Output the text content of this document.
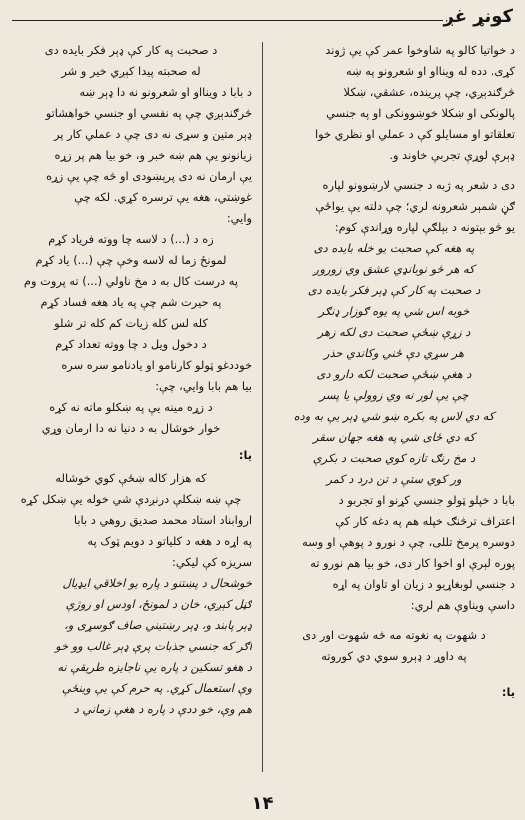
کونړ غږ
د خواتیا کالو په شاوخوا عمر کې یې ژوند
کړی. دده له وینااو او شعرونو په ښه
څرګندېږي، چې پرینده، عشقي، ښکلا
پالونکی او ښکلا خوښوونکی او په جنسي
تعلقاتو او مسایلو کې د عملي او نظري خوا
ډېرې لوړې تجربې خاوند و.
دی د شعر په ژبه د جنسي لارښوونو لپاره
ګڼ شمېر شعرونه لري؛ چې دلته یې یواځې
یو څو بېتونه د بېلګې لپاره وړاندې کوم:
په هغه کې صحبت یو خله بایده دی
که هر څو نوبانډي عشق وي زوروږ
د صحبت په کار کې ډېر فکر بایده دی
خوبه اس شي په یوه ګوزار ډنګر
د زړې ښځې صحبت دی لکه زهر
هر سړي دې ځني وکاندي حذر
د هغې ښځې صحبت لکه دارو دی
چې یې لور نه وي زوولې یا پسر
که دي لاس په بکره ښو شي ډېر یې به وده
که دي ځای شي په هغه جهان سقر
د مخ رنګ تازه کوي صحبت د بکرې
ور کوي ستې د تن درد د کمر
بابا د خپلو ټولو جنسي کړنو او تجربو د
اعتراف ترڅنګ خپله هم په دغه کار کې
دوسره پرمخ تللی، چې د نورو د پوهې او وسه
پوره لېرې او اخوا کار دی، خو بیا هم نورو ته
د جنسي لوبغاړیو د زیان او تاوان په اړه
داسې ویناوې هم لري:
د شهوت په نغوته مه څه شهوت اور دی
په داوړ د ډېرو سوي دي کوروته
یا:
د صحبت په کار کې ډېر فکر بایده دی
له صحبته پیدا کېږي خیر و شر
د بابا د وینااو او شعرونو نه دا ډېر ښه
څرګندېږي چې په نفسي او جنسي خواهشاتو
ډېر متین و سړی نه دی چې د عملي کار پر
زیانونو یې هم ښه خبر و، خو بیا هم پر زړه
یې ارمان نه دی پرېښودی او څه چې یې زړه
غوښتي، هغه یې ترسره کړي. لکه چې
وایي:
زه د (...) د لاسه چا ووته فریاد کړم
لمونځ زما له لاسه وخې چې (...) یاد کړم
په درست کال به د مخ ناولي (...) ته پروت وم
په حیرت شم چې په یاد هغه فساد کړم
کله لس کله زیات کم کله تر شلو
د دخول ویل د چا ووته تعداد کړم
خوددغو ټولو کارنامو او یادنامو سره سره
بیا هم بابا وایي، چې:
د زړه مینه یې په ښکلو ماته نه کړه
خوار خوشال به د دنیا نه دا ارمان وړي
یا:
که هزار کاله ښځې کوي خوشاله
چې ښه ښکلې درنږدې شي خوله یې ښکل کړه
اروابناد استاد محمد صدیق روهي د بابا
په اړه د هغه د کلیاتو د دویم ټوک په
سریزه کې لیکي:
خوشحال د پښتنو د پاره یو اخلاقي ایډیال
ګڼل کېږي، خان د لمونځ، اودس او روژې
ډېر پابند و، ډېر رښتیني صاف ګوسړی و،
اګر که جنسي جذبات پرې ډېر غالب وو خو
د هغو تسکین د پاره یې ناجایزه طریقې نه
وې استعمال کړي. په حرم کې یې وینځې
هم وې، خو ددې د پاره د هغې زماني د
۱۴
